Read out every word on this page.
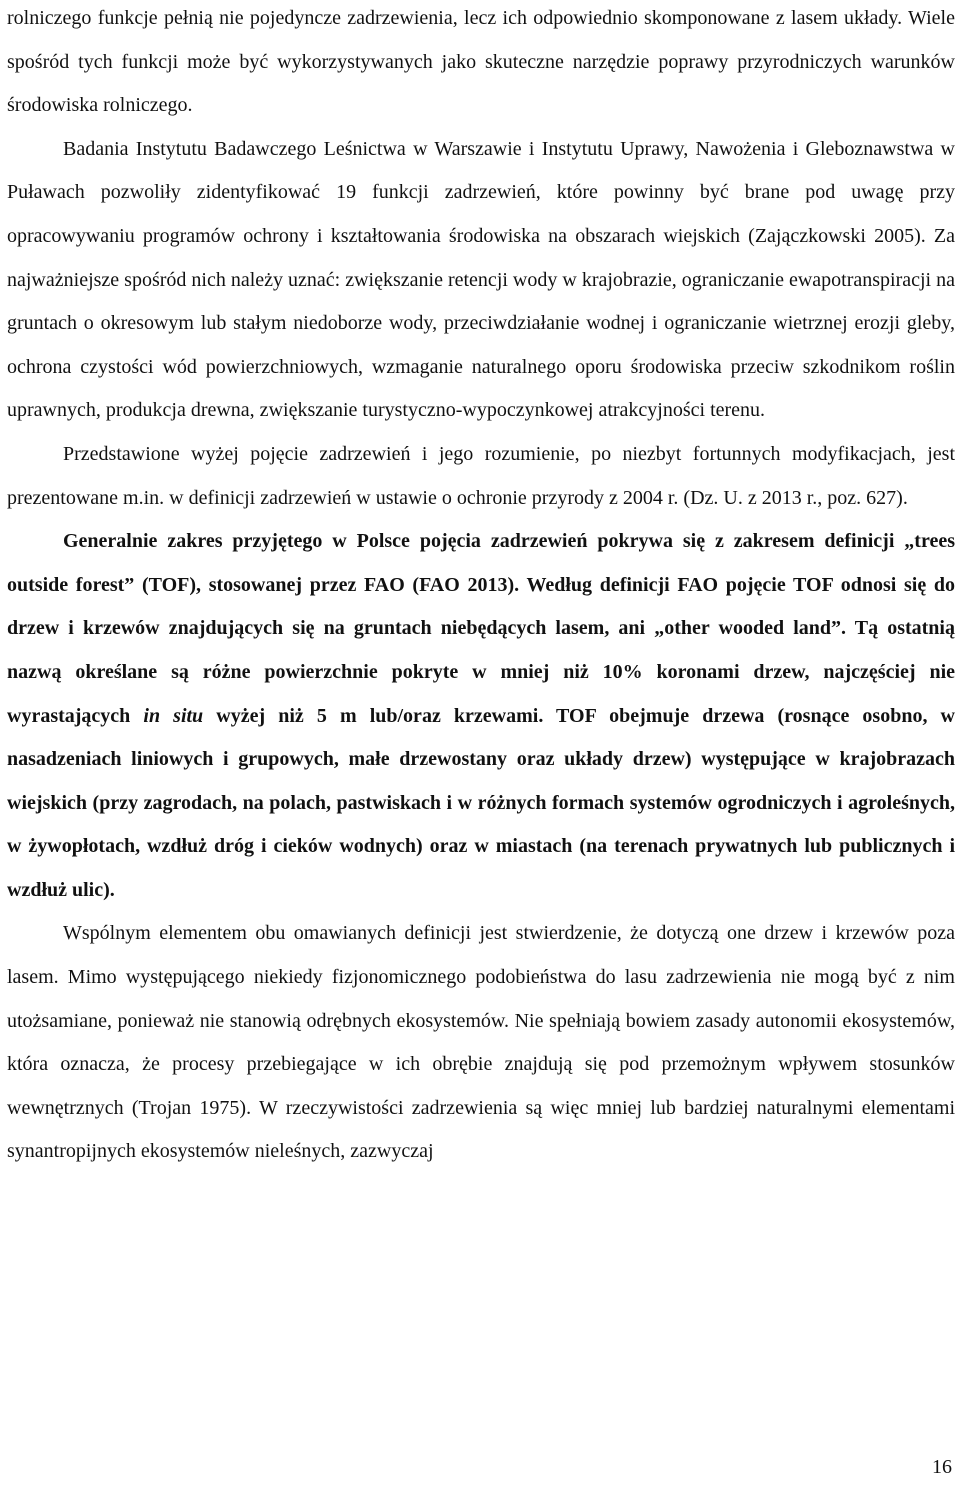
rolniczego funkcje pełnią nie pojedyncze zadrzewienia, lecz ich odpowiednio skomponowane z lasem układy. Wiele spośród tych funkcji może być wykorzystywanych jako skuteczne narzędzie poprawy przyrodniczych warunków środowiska rolniczego.

Badania Instytutu Badawczego Leśnictwa w Warszawie i Instytutu Uprawy, Nawożenia i Gleboznawstwa w Puławach pozwoliły zidentyfikować 19 funkcji zadrzewień, które powinny być brane pod uwagę przy opracowywaniu programów ochrony i kształtowania środowiska na obszarach wiejskich (Zajączkowski 2005). Za najważniejsze spośród nich należy uznać: zwiększanie retencji wody w krajobrazie, ograniczanie ewapotranspiracji na gruntach o okresowym lub stałym niedoborze wody, przeciwdziałanie wodnej i ograniczanie wietrznej erozji gleby, ochrona czystości wód powierzchniowych, wzmaganie naturalnego oporu środowiska przeciw szkodnikom roślin uprawnych, produkcja drewna, zwiększanie turystyczno-wypoczynkowej atrakcyjności terenu.

Przedstawione wyżej pojęcie zadrzewień i jego rozumienie, po niezbyt fortunnych modyfikacjach, jest prezentowane m.in. w definicji zadrzewień w ustawie o ochronie przyrody z 2004 r. (Dz. U. z 2013 r., poz. 627).

Generalnie zakres przyjętego w Polsce pojęcia zadrzewień pokrywa się z zakresem definicji „trees outside forest” (TOF), stosowanej przez FAO (FAO 2013). Według definicji FAO pojęcie TOF odnosi się do drzew i krzewów znajdujących się na gruntach niebędących lasem, ani „other wooded land”. Tą ostatnią nazwą określane są różne powierzchnie pokryte w mniej niż 10% koronami drzew, najczęściej nie wyrastających in situ wyżej niż 5 m lub/oraz krzewami. TOF obejmuje drzewa (rosnące osobno, w nasadzeniach liniowych i grupowych, małe drzewostany oraz układy drzew) występujące w krajobrazach wiejskich (przy zagrodach, na polach, pastwiskach i w różnych formach systemów ogrodniczych i agroleśnych, w żywopłotach, wzdłuż dróg i cieków wodnych) oraz w miastach (na terenach prywatnych lub publicznych i wzdłuż ulic).

Wspólnym elementem obu omawianych definicji jest stwierdzenie, że dotyczą one drzew i krzewów poza lasem. Mimo występującego niekiedy fizjonomicznego podobieństwa do lasu zadrzewienia nie mogą być z nim utożsamiane, ponieważ nie stanowią odrębnych ekosystemów. Nie spełniają bowiem zasady autonomii ekosystemów, która oznacza, że procesy przebiegające w ich obrębie znajdują się pod przemożnym wpływem stosunków wewnętrznych (Trojan 1975). W rzeczywistości zadrzewienia są więc mniej lub bardziej naturalnymi elementami synantropijnych ekosystemów nieleśnych, zazwyczaj

16
